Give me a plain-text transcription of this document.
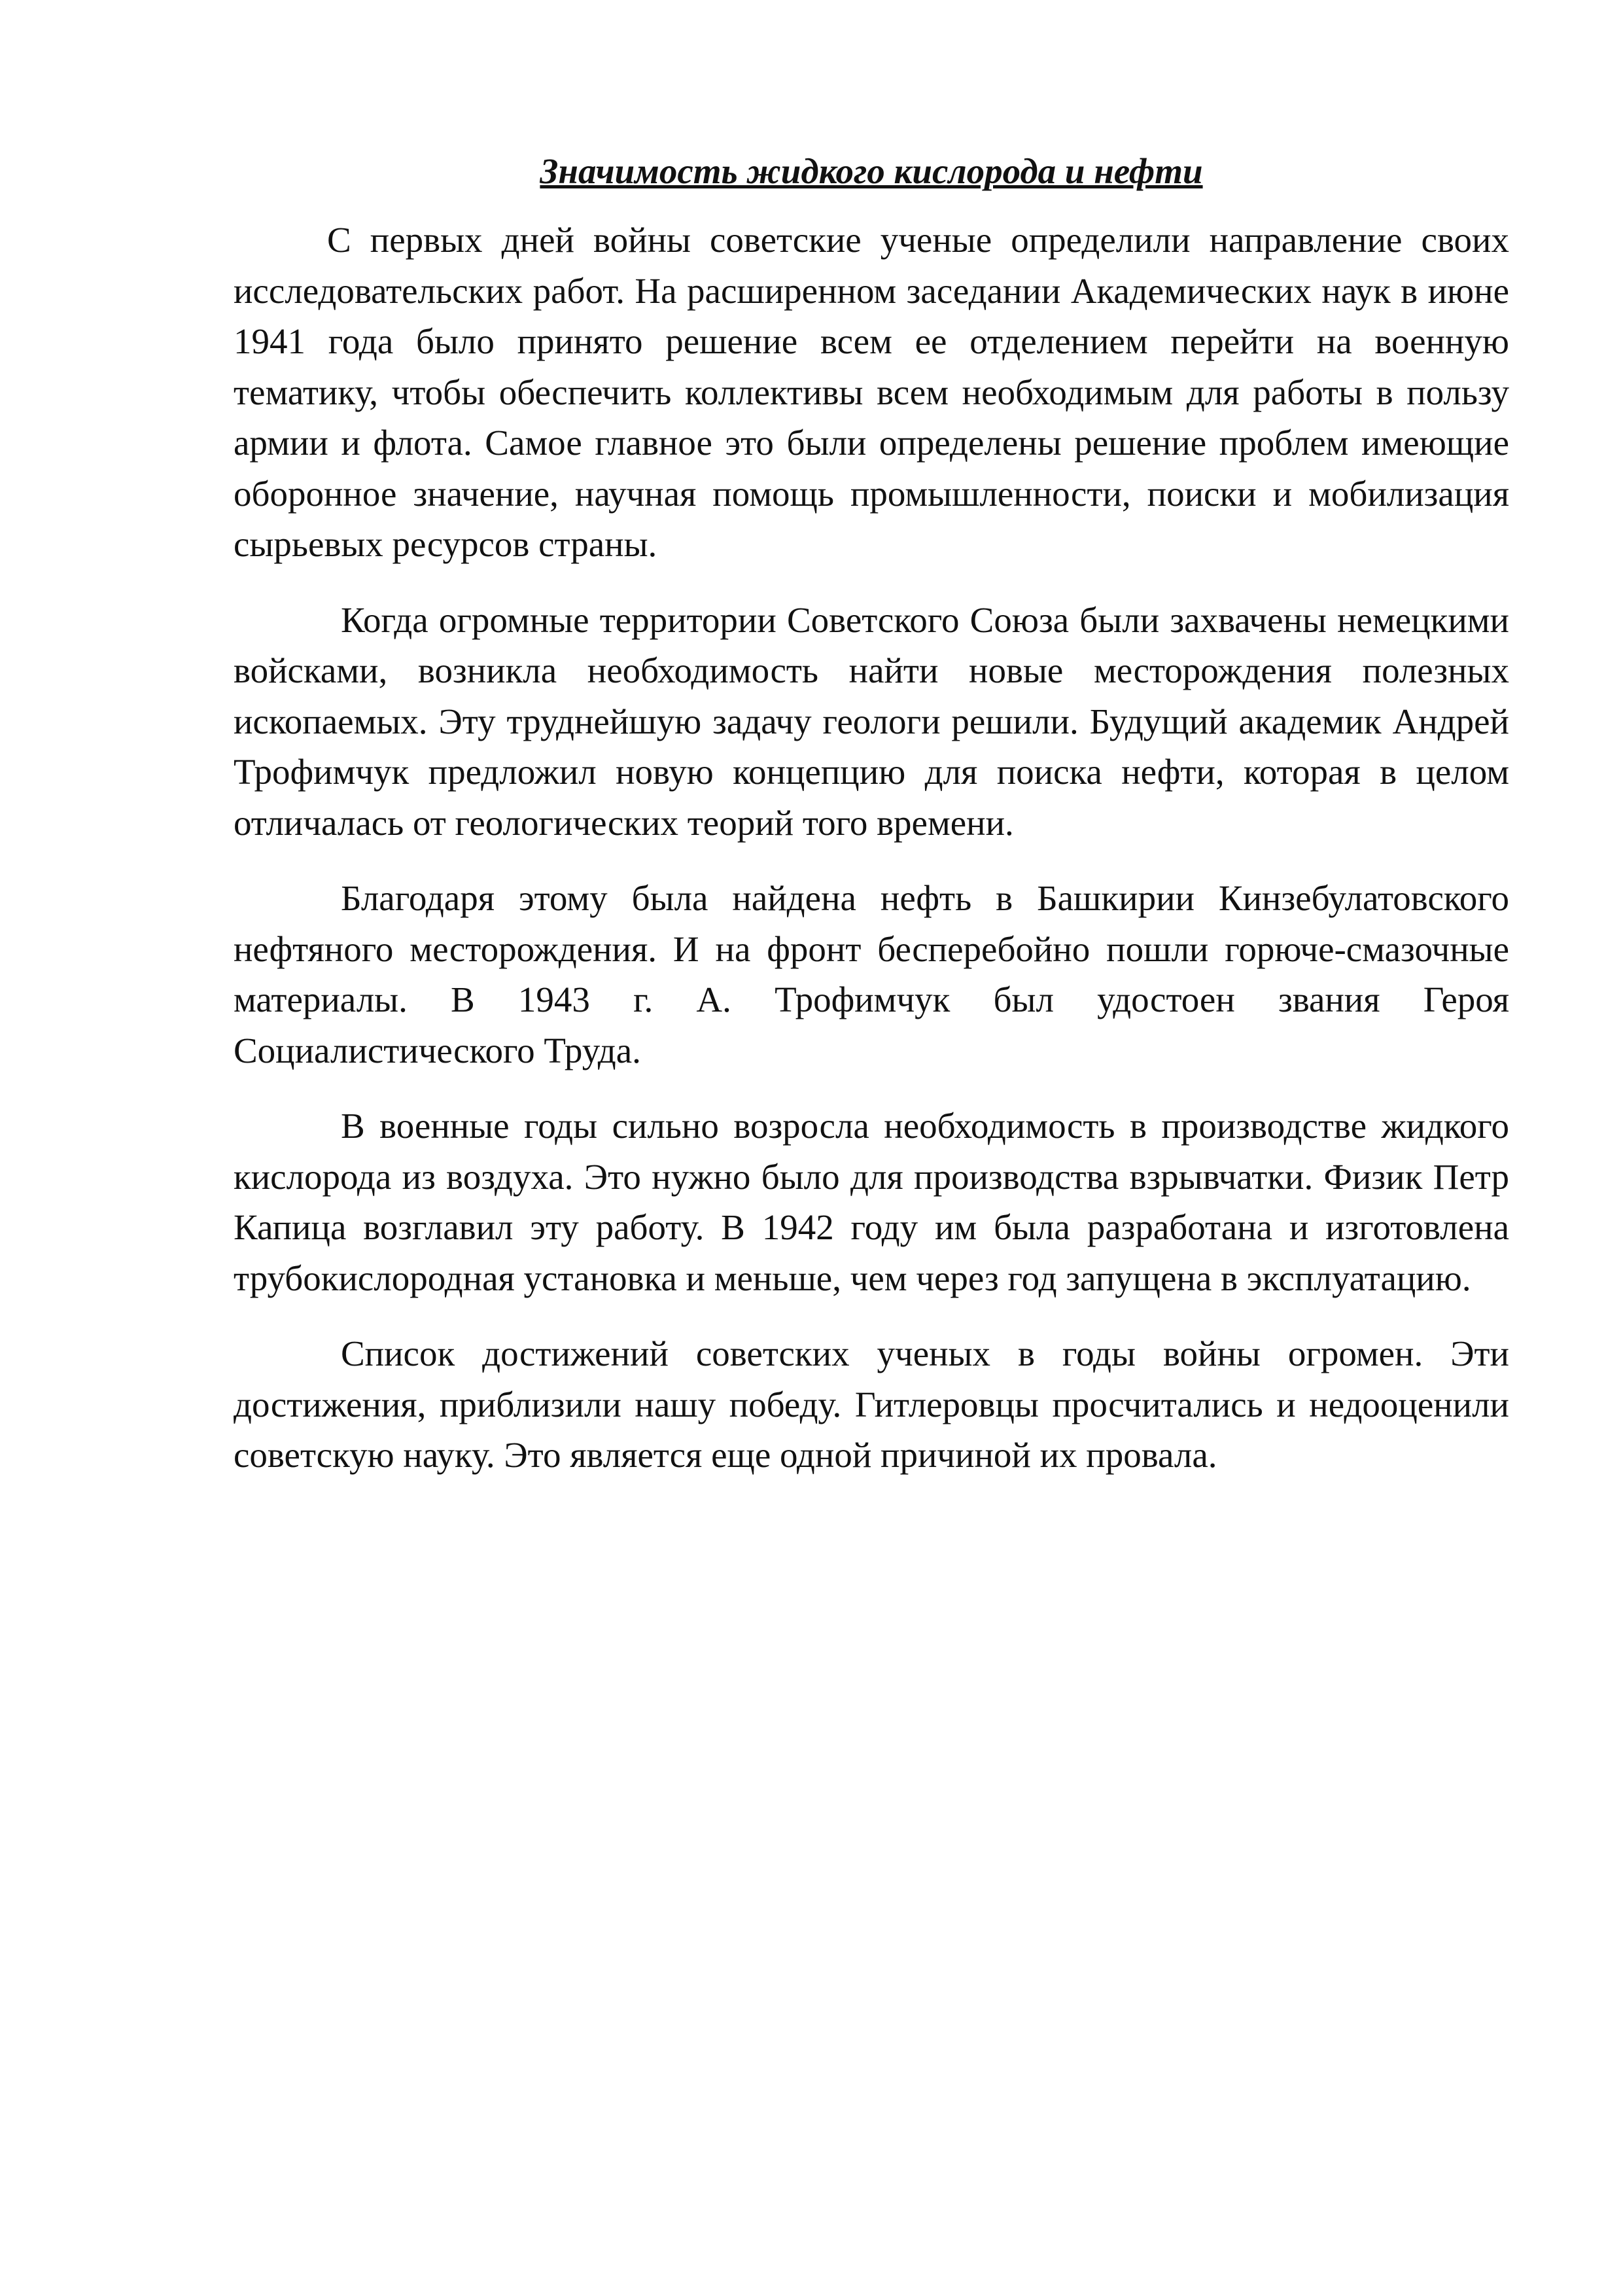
Значимость жидкого кислорода и нефти

С первых дней войны советские ученые определили направление своих исследовательских работ. На расширенном заседании Академических наук в июне 1941 года было принято решение всем ее отделением перейти на военную тематику, чтобы обеспечить коллективы всем необходимым для работы в пользу армии и флота. Самое главное это были определены решение проблем имеющие оборонное значение, научная помощь промышленности, поиски и мобилизация сырьевых ресурсов страны.

Когда огромные территории Советского Союза были захвачены немецкими войсками, возникла необходимость найти новые месторождения полезных ископаемых. Эту труднейшую задачу геологи решили. Будущий академик Андрей Трофимчук предложил новую концепцию для поиска нефти, которая в целом отличалась от геологических теорий того времени.

Благодаря этому была найдена нефть в Башкирии Кинзебулатовского нефтяного месторождения. И на фронт бесперебойно пошли горюче-смазочные материалы. В 1943 г. А. Трофимчук был удостоен звания Героя Социалистического Труда.

В военные годы сильно возросла необходимость в производстве жидкого кислорода из воздуха. Это нужно было для производства взрывчатки. Физик Петр Капица возглавил эту работу. В 1942 году им была разработана и изготовлена трубокислородная установка и меньше, чем через год запущена в эксплуатацию.

Список достижений советских ученых в годы войны огромен. Эти достижения, приблизили нашу победу. Гитлеровцы просчитались и недооценили советскую науку. Это является еще одной причиной их провала.
